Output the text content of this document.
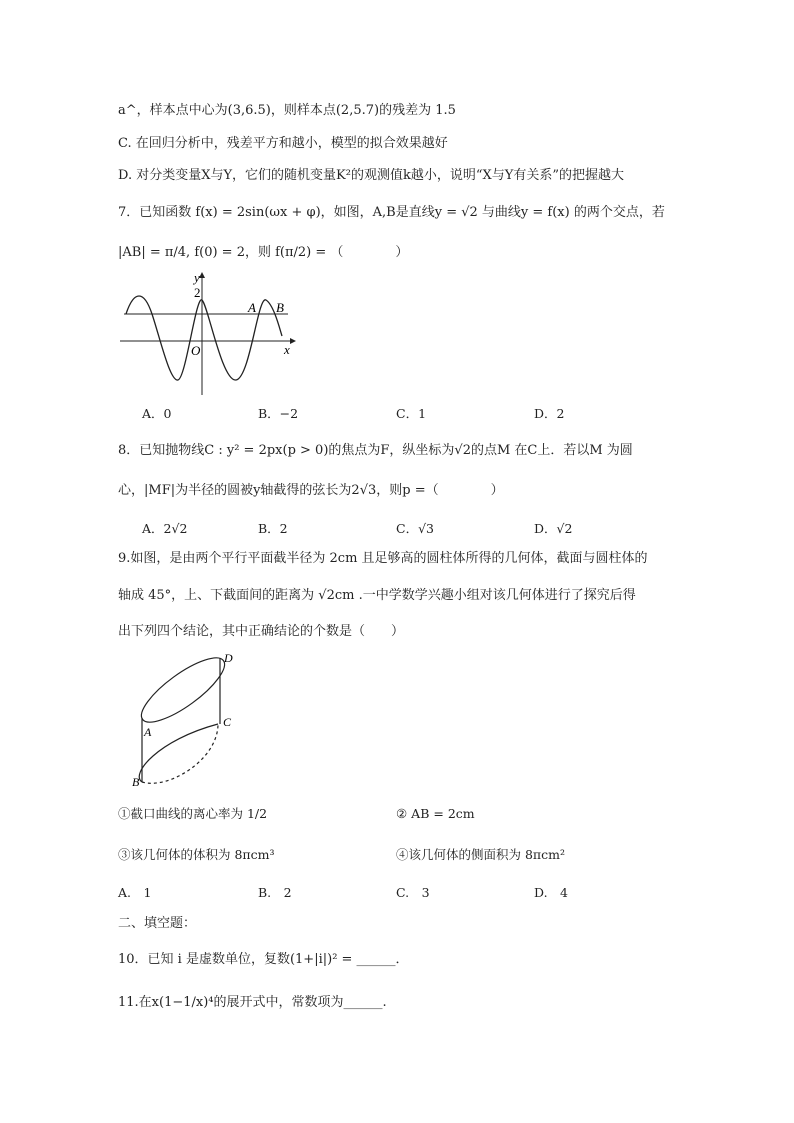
a^，样本点中心为(3,6.5)，则样本点(2,5.7)的残差为 1.5
C. 在回归分析中，残差平方和越小，模型的拟合效果越好
D. 对分类变量X与Y，它们的随机变量K²的观测值k越小，说明“X与Y有关系”的把握越大
7．已知函数 f(x) = 2sin(ωx + φ)，如图，A,B是直线y = √2 与曲线y = f(x) 的两个交点，若
|AB| = π/4, f(0) = 2，则 f(π/2) = （　　　　）
y
2
O	x
A B
A．0	B．−2	C．1	D．2
8．已知抛物线C : y² = 2px(p > 0)的焦点为F，纵坐标为√2的点M 在C上．若以M 为圆
心，|MF|为半径的圆被y轴截得的弦长为2√3，则p =（　　　　）
A．2√2	B．2	C．√3	D．√2
9.如图，是由两个平行平面截半径为 2cm 且足够高的圆柱体所得的几何体，截面与圆柱体的
轴成 45°，上、下截面间的距离为 √2cm .一中学数学兴趣小组对该几何体进行了探究后得
出下列四个结论，其中正确结论的个数是（　　）
D
A
C
B
①截口曲线的离心率为 1/2	② AB = 2cm
③该几何体的体积为 8πcm³	④该几何体的侧面积为 8πcm²
A.　1	B.　2	C.　3	D.　4
二、填空题：
10．已知 i 是虚数单位，复数(1+|i|)² = ______．
11.在x(1−1/x)⁴的展开式中，常数项为______.
